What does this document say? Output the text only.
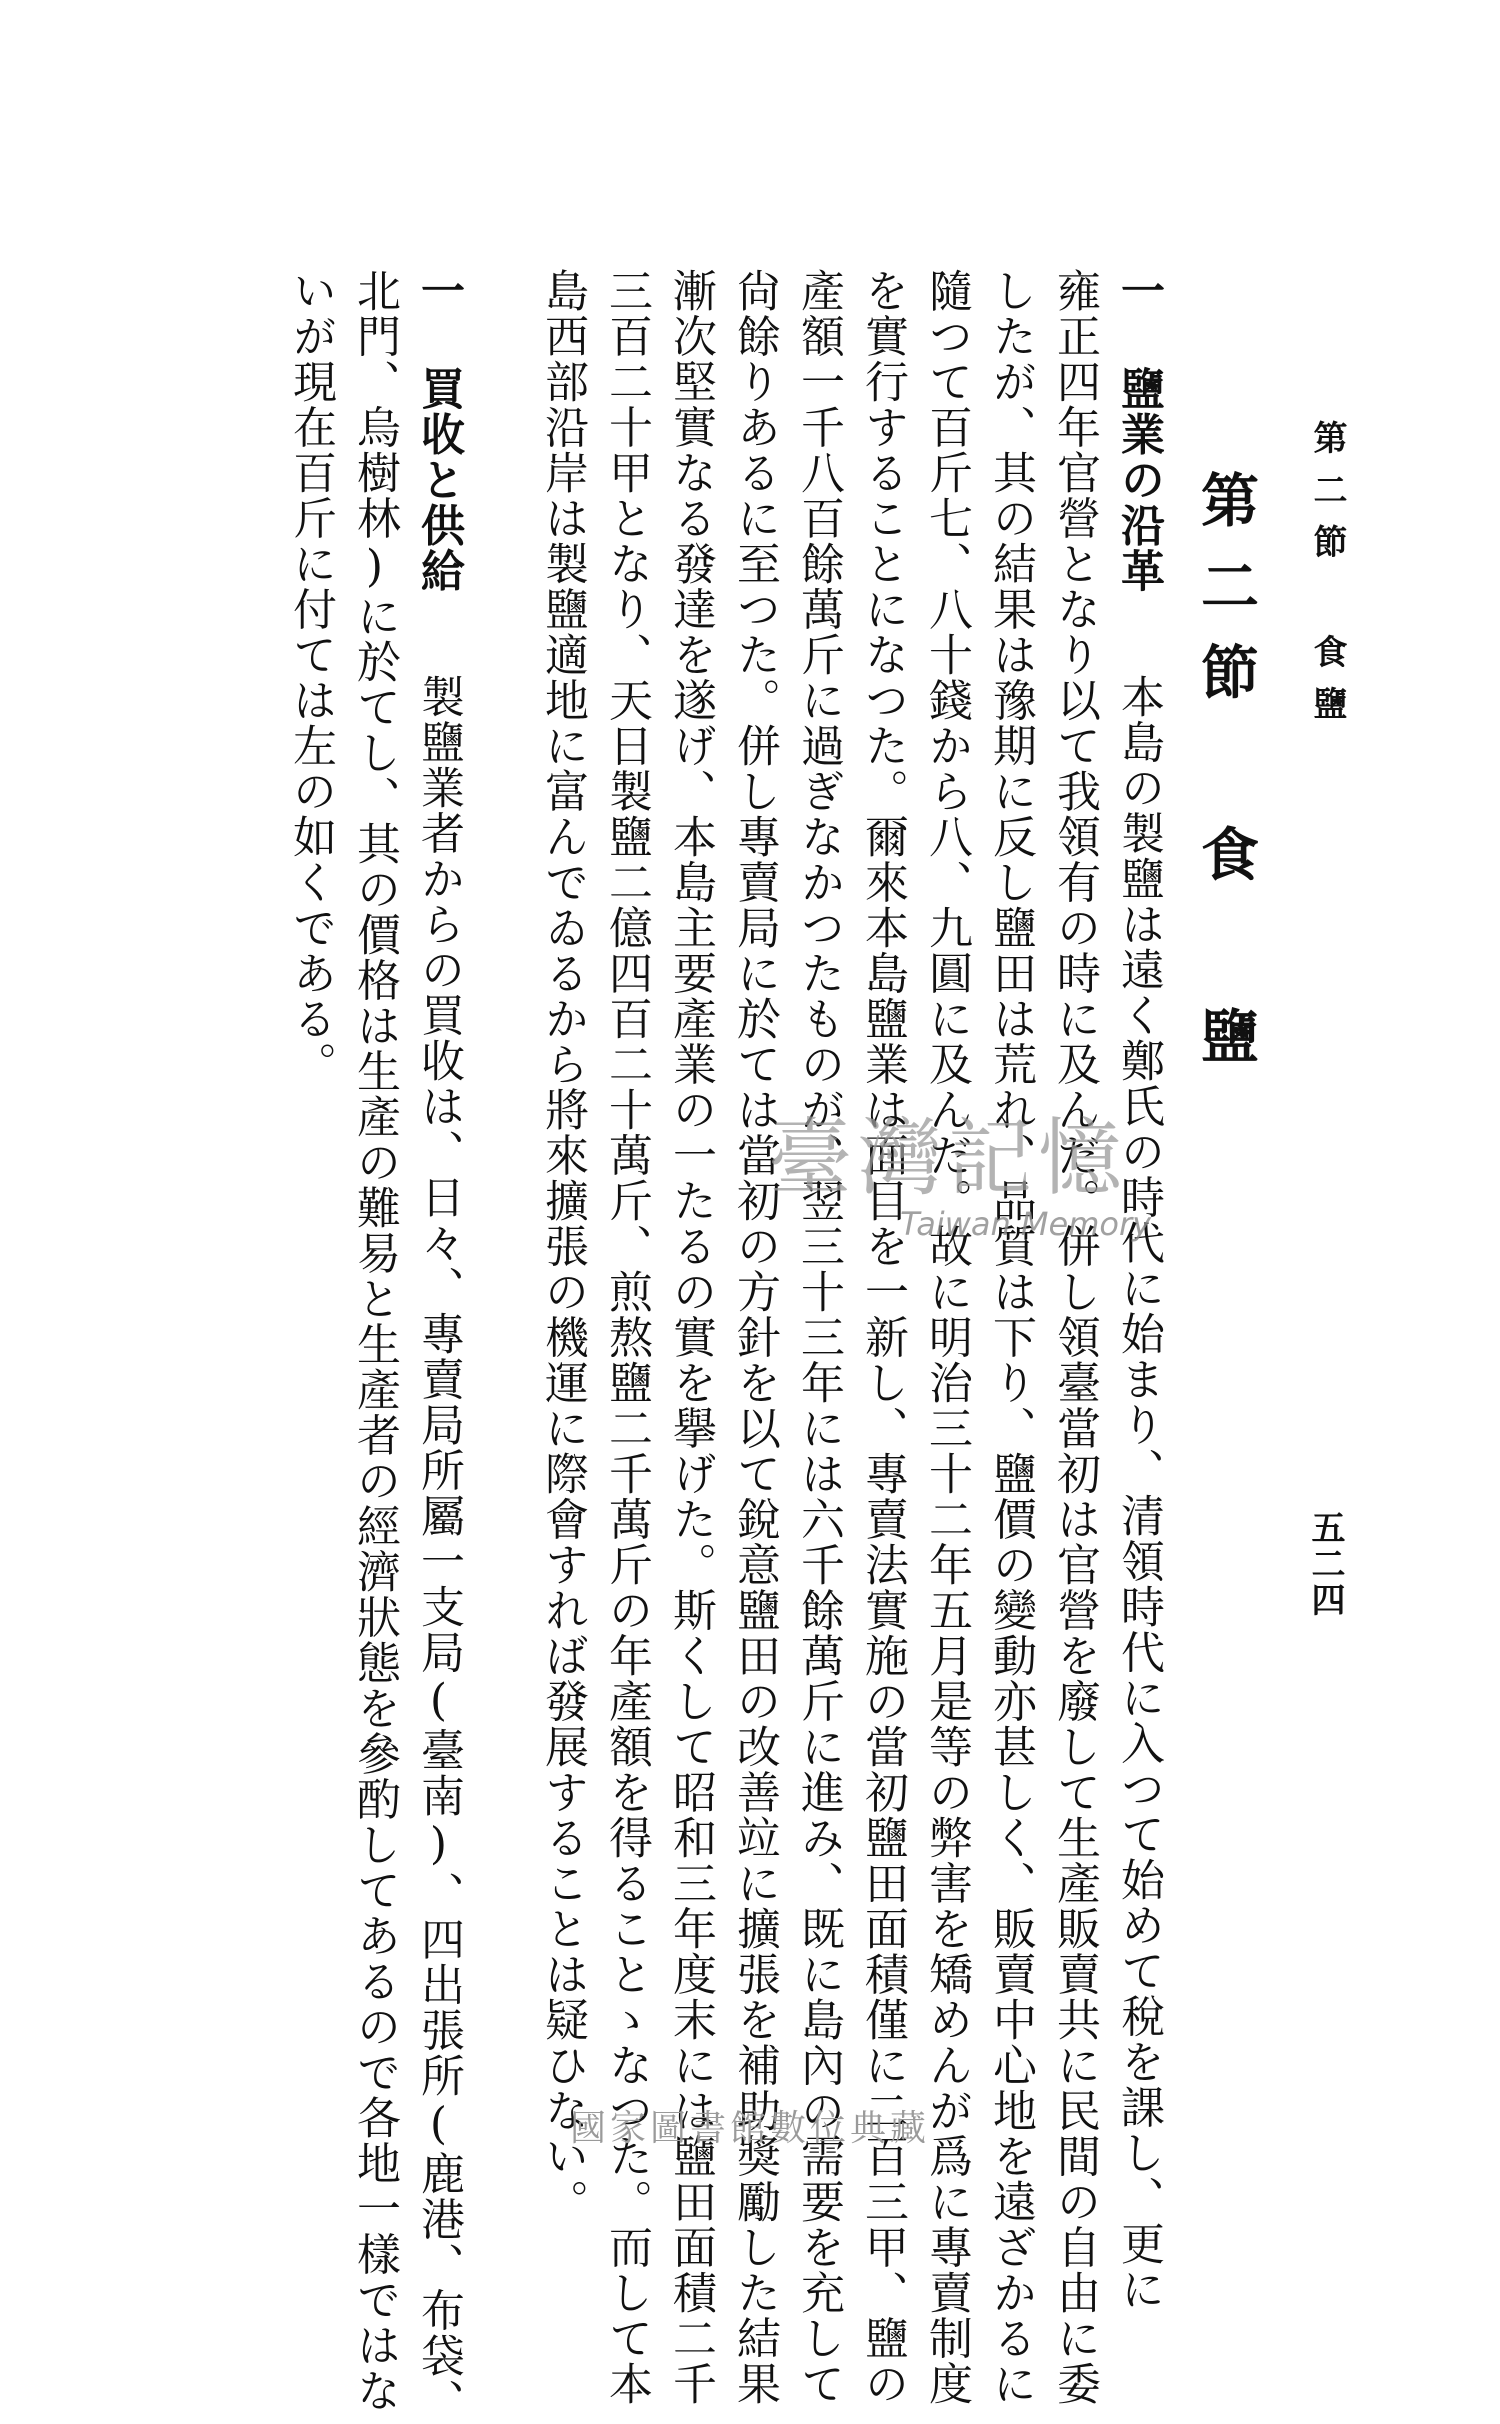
第二節 食鹽
五二四
第二節 食 鹽
一 鹽業の沿革 本島の製鹽は遠く鄭氏の時代に始まり、清領時代に入つて始めて稅を課し、更に
雍正四年官營となり以て我領有の時に及んだ。併し領臺當初は官營を廢して生產販賣共に民間の自由に委
したが、其の結果は豫期に反し鹽田は荒れ、品質は下り、鹽價の變動亦甚しく、販賣中心地を遠ざかるに
隨つて百斤七、八十錢から八、九圓に及んだ。故に明治三十二年五月是等の弊害を矯めんが爲に專賣制度
を實行することになつた。爾來本島鹽業は面目を一新し、專賣法實施の當初鹽田面積僅に二百三甲、鹽の
產額一千八百餘萬斤に過ぎなかつたものが、翌三十三年には六千餘萬斤に進み、既に島內の需要を充して
尙餘りあるに至つた。併し專賣局に於ては當初の方針を以て銳意鹽田の改善竝に擴張を補助獎勵した結果
漸次堅實なる發達を遂げ、本島主要產業の一たるの實を擧げた。斯くして昭和三年度末には鹽田面積二千
三百二十甲となり、天日製鹽二億四百二十萬斤、煎熬鹽二千萬斤の年產額を得ることゝなつた。而して本
島西部沿岸は製鹽適地に富んでゐるから將來擴張の機運に際會すれば發展することは疑ひない。
一 買收と供給 製鹽業者からの買收は、日々、專賣局所屬一支局(臺南)、四出張所(鹿港、布袋、
北門、烏樹林)に於てし、其の價格は生產の難易と生產者の經濟狀態を參酌してあるので各地一樣ではな
いが現在百斤に付ては左の如くである。
臺灣記憶
Taiwan Memory
國家圖書館數位典藏
